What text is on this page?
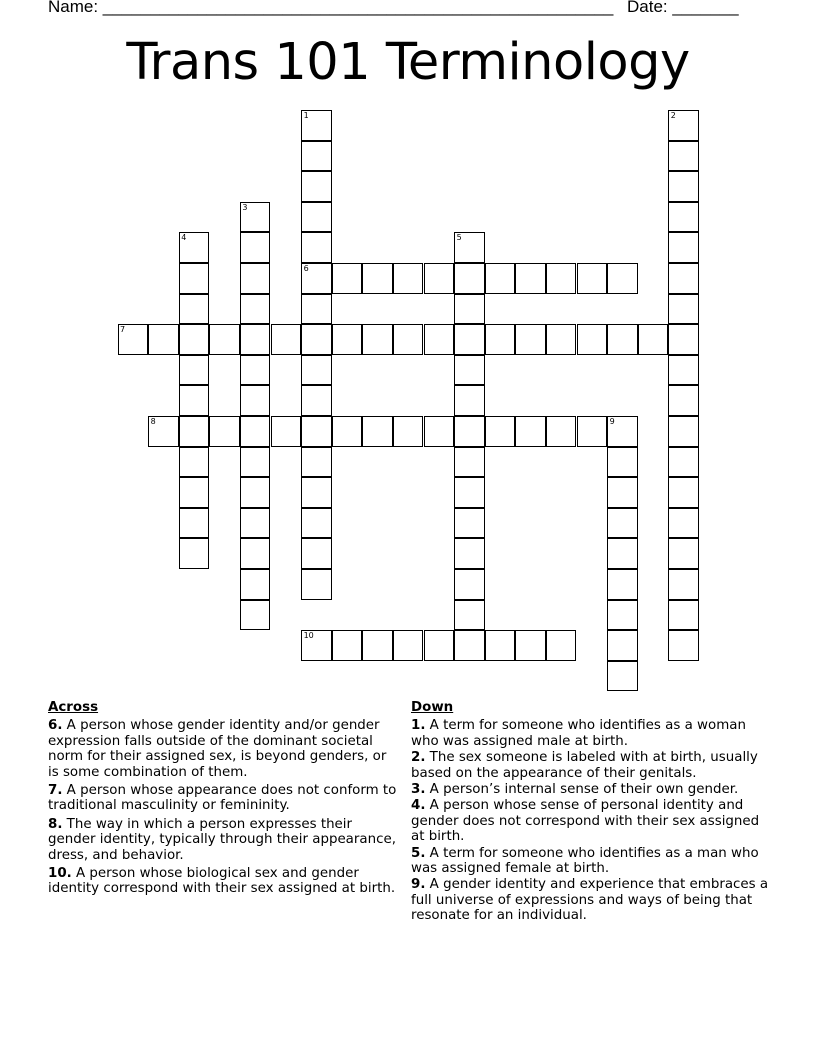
Name: ______________________________________________________ Date: _______
Trans 101 Terminology
1
6
2
3
4	5
7
8	9
10
Across
6. A person whose gender identity and/or gender expression falls outside of the dominant societal norm for their assigned sex, is beyond genders, or is some combination of them.
7. A person whose appearance does not conform to traditional masculinity or femininity.
8. The way in which a person expresses their gender identity, typically through their appearance, dress, and behavior.
10. A person whose biological sex and gender identity correspond with their sex assigned at birth.
Down
1. A term for someone who identifies as a woman who was assigned male at birth.
2. The sex someone is labeled with at birth, usually based on the appearance of their genitals.
3. A person’s internal sense of their own gender.
4. A person whose sense of personal identity and gender does not correspond with their sex assigned at birth.
5. A term for someone who identifies as a man who was assigned female at birth.
9. A gender identity and experience that embraces a full universe of expressions and ways of being that resonate for an individual.
